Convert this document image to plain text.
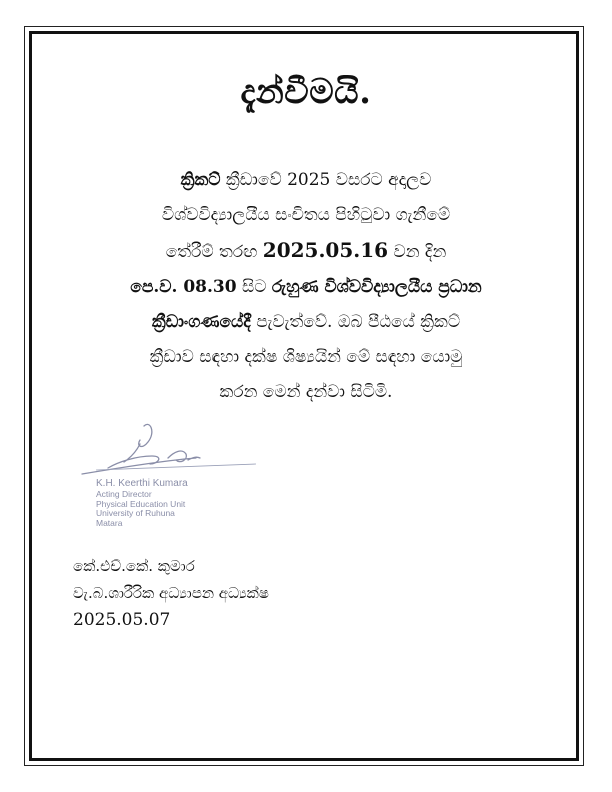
දැන්වීමයි.
ක්‍රිකට් ක්‍රීඩාවේ 2025 වසරට අදාලව
විශ්වවිද්‍යාලයීය සංචිතය පිහිටුවා ගැනීමේ
තේරීම් තරඟ 2025.05.16 වන දින
පෙ.ව. 08.30 සිට රුහුණ විශ්වවිද්‍යාලයීය ප්‍රධාන
ක්‍රීඩාංගණයේදී පැවැත්වේ. ඔබ පීඨයේ ක්‍රිකට්
ක්‍රීඩාව සඳහා දක්ෂ ශිෂ්‍යයින් මේ සඳහා යොමු
කරන මෙන් දන්වා සිටිමි.
K.H. Keerthi Kumara
Acting Director
Physical Education Unit
University of Ruhuna
Matara
කේ.එච්.කේ. කුමාර
වැ.බ.ශාරීරික අධ්‍යාපන අධ්‍යක්ෂ
2025.05.07
